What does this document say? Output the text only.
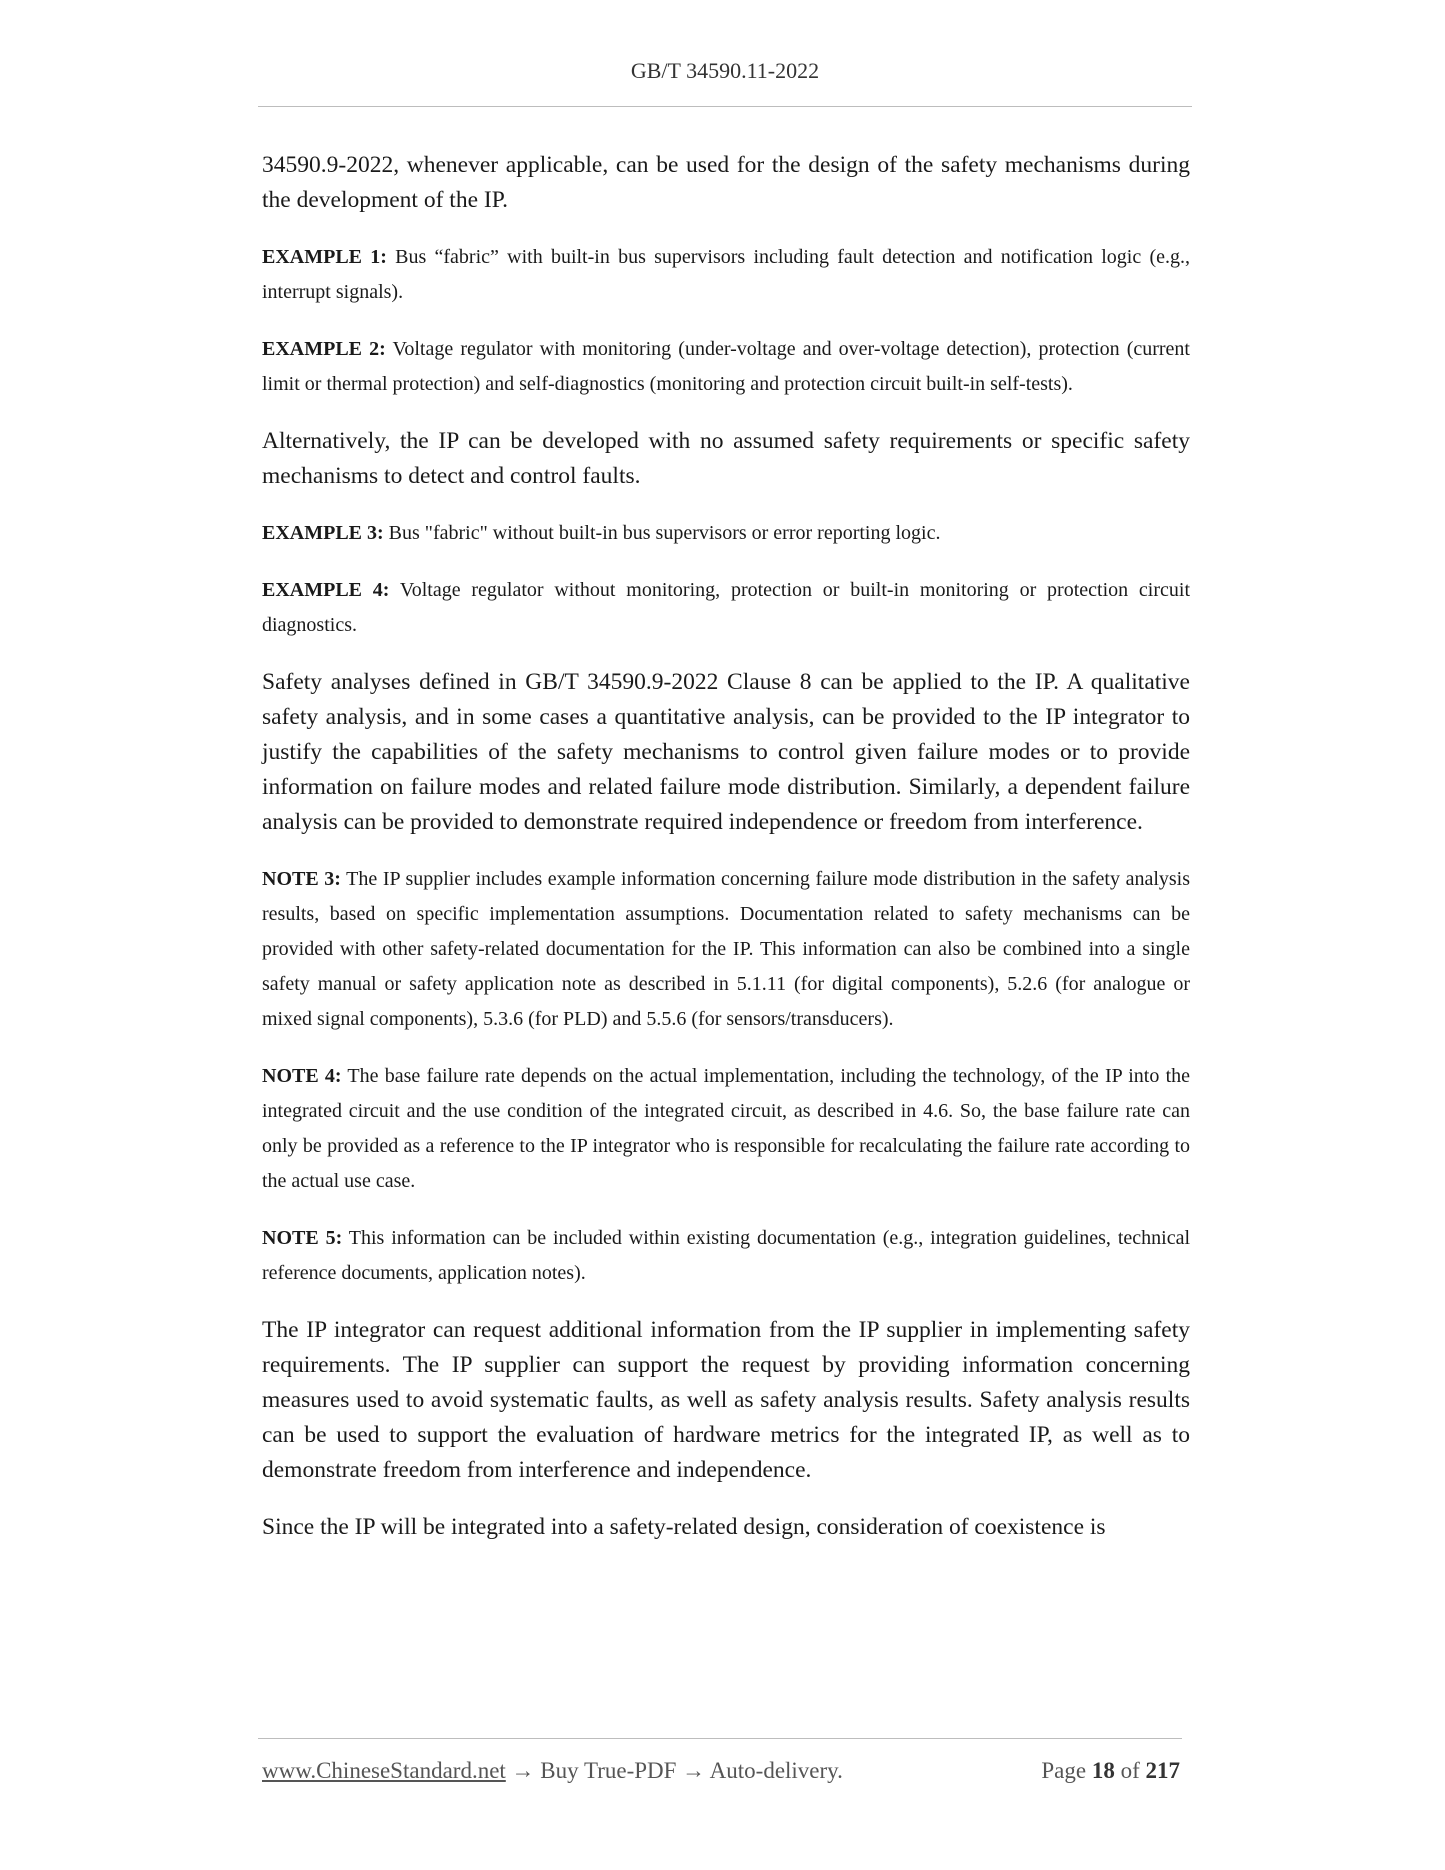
GB/T 34590.11-2022

34590.9-2022, whenever applicable, can be used for the design of the safety mechanisms during the development of the IP.

EXAMPLE 1: Bus “fabric” with built-in bus supervisors including fault detection and notification logic (e.g., interrupt signals).

EXAMPLE 2: Voltage regulator with monitoring (under-voltage and over-voltage detection), protection (current limit or thermal protection) and self-diagnostics (monitoring and protection circuit built-in self-tests).

Alternatively, the IP can be developed with no assumed safety requirements or specific safety mechanisms to detect and control faults.

EXAMPLE 3: Bus "fabric" without built-in bus supervisors or error reporting logic.

EXAMPLE 4: Voltage regulator without monitoring, protection or built-in monitoring or protection circuit diagnostics.

Safety analyses defined in GB/T 34590.9-2022 Clause 8 can be applied to the IP. A qualitative safety analysis, and in some cases a quantitative analysis, can be provided to the IP integrator to justify the capabilities of the safety mechanisms to control given failure modes or to provide information on failure modes and related failure mode distribution. Similarly, a dependent failure analysis can be provided to demonstrate required independence or freedom from interference.

NOTE 3: The IP supplier includes example information concerning failure mode distribution in the safety analysis results, based on specific implementation assumptions. Documentation related to safety mechanisms can be provided with other safety-related documentation for the IP. This information can also be combined into a single safety manual or safety application note as described in 5.1.11 (for digital components), 5.2.6 (for analogue or mixed signal components), 5.3.6 (for PLD) and 5.5.6 (for sensors/transducers).

NOTE 4: The base failure rate depends on the actual implementation, including the technology, of the IP into the integrated circuit and the use condition of the integrated circuit, as described in 4.6. So, the base failure rate can only be provided as a reference to the IP integrator who is responsible for recalculating the failure rate according to the actual use case.

NOTE 5: This information can be included within existing documentation (e.g., integration guidelines, technical reference documents, application notes).

The IP integrator can request additional information from the IP supplier in implementing safety requirements. The IP supplier can support the request by providing information concerning measures used to avoid systematic faults, as well as safety analysis results. Safety analysis results can be used to support the evaluation of hardware metrics for the integrated IP, as well as to demonstrate freedom from interference and independence.

Since the IP will be integrated into a safety-related design, consideration of coexistence is

www.ChineseStandard.net → Buy True-PDF → Auto-delivery.	Page 18 of 217
